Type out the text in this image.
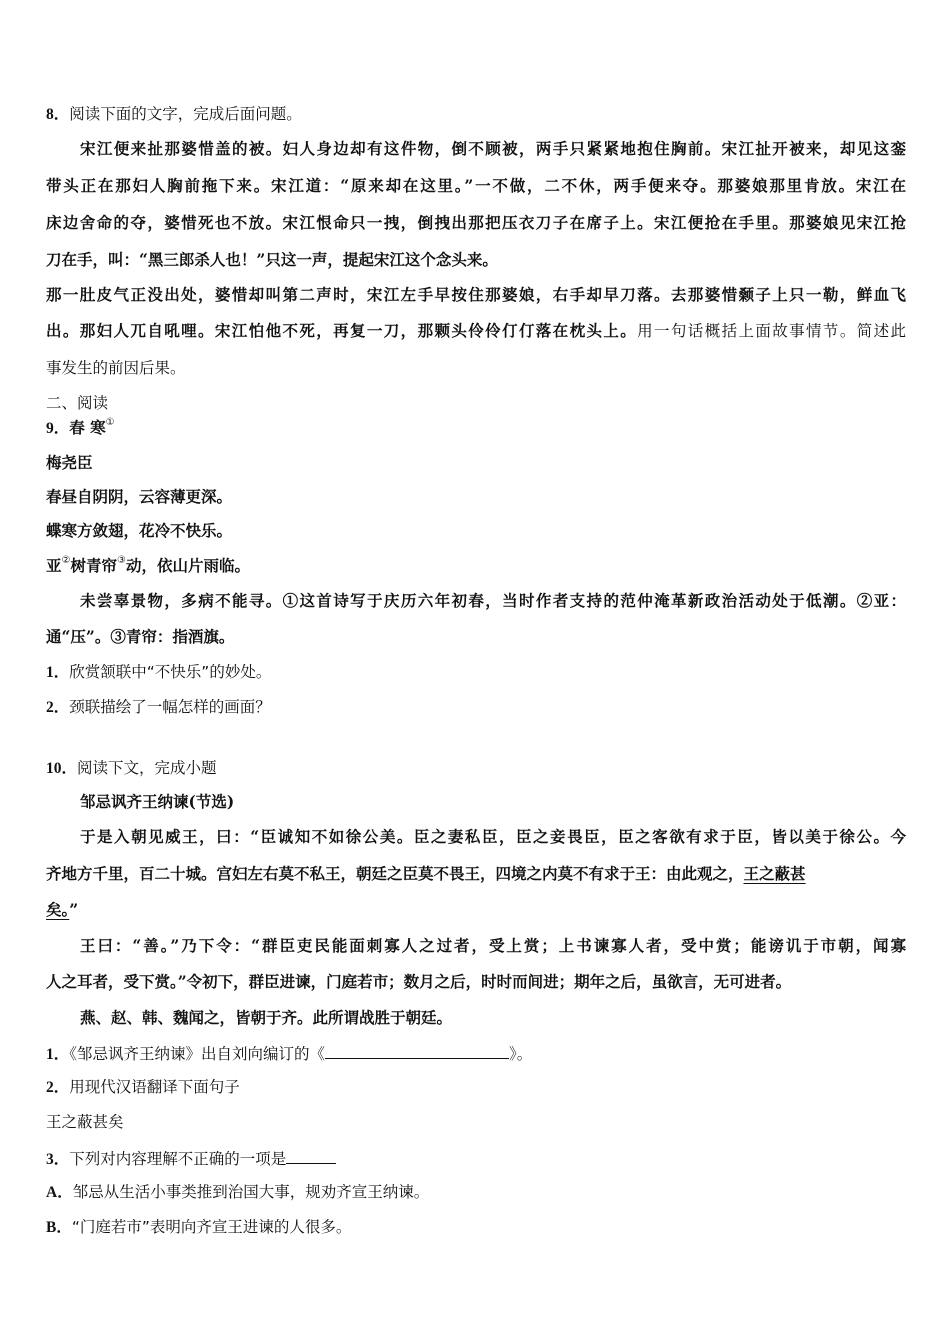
8．阅读下面的文字，完成后面问题。
宋江便来扯那婆惜盖的被。妇人身边却有这件物，倒不顾被，两手只紧紧地抱住胸前。宋江扯开被来，却见这銮
带头正在那妇人胸前拖下来。宋江道：“原来却在这里。”一不做，二不休，两手便来夺。那婆娘那里肯放。宋江在
床边舍命的夺，婆惜死也不放。宋江恨命只一拽，倒拽出那把压衣刀子在席子上。宋江便抢在手里。那婆娘见宋江抢
刀在手，叫：“黑三郎杀人也！”只这一声，提起宋江这个念头来。
那一肚皮气正没出处，婆惜却叫第二声时，宋江左手早按住那婆娘，右手却早刀落。去那婆惜颡子上只一勒，鲜血飞
出。那妇人兀自吼哩。宋江怕他不死，再复一刀，那颗头伶伶仃仃落在枕头上。用一句话概括上面故事情节。简述此
事发生的前因后果。
二、阅读
9．春 寒①
梅尧臣
春昼自阴阴，云容薄更深。
蝶寒方敛翅，花冷不快乐。
亚②树青帘③动，依山片雨临。
未尝辜景物，多病不能寻。①这首诗写于庆历六年初春，当时作者支持的范仲淹革新政治活动处于低潮。②亚：
通“压”。③青帘：指酒旗。
1．欣赏颔联中“不快乐”的妙处。
2．颈联描绘了一幅怎样的画面？
10．阅读下文，完成小题
邹忌讽齐王纳谏(节选)
于是入朝见威王，曰：“臣诚知不如徐公美。臣之妻私臣，臣之妾畏臣，臣之客欲有求于臣，皆以美于徐公。今
齐地方千里，百二十城。宫妇左右莫不私王，朝廷之臣莫不畏王，四境之内莫不有求于王：由此观之，王之蔽甚
矣。”
王曰：“善。”乃下令：“群臣吏民能面刺寡人之过者，受上赏；上书谏寡人者，受中赏；能谤讥于市朝，闻寡
人之耳者，受下赏。”令初下，群臣进谏，门庭若市；数月之后，时时而间进；期年之后，虽欲言，无可进者。
燕、赵、韩、魏闻之，皆朝于齐。此所谓战胜于朝廷。
1．《邹忌讽齐王纳谏》出自刘向编订的《	》。
2．用现代汉语翻译下面句子
王之蔽甚矣
3．下列对内容理解不正确的一项是
A．邹忌从生活小事类推到治国大事，规劝齐宣王纳谏。
B．“门庭若市”表明向齐宣王进谏的人很多。
